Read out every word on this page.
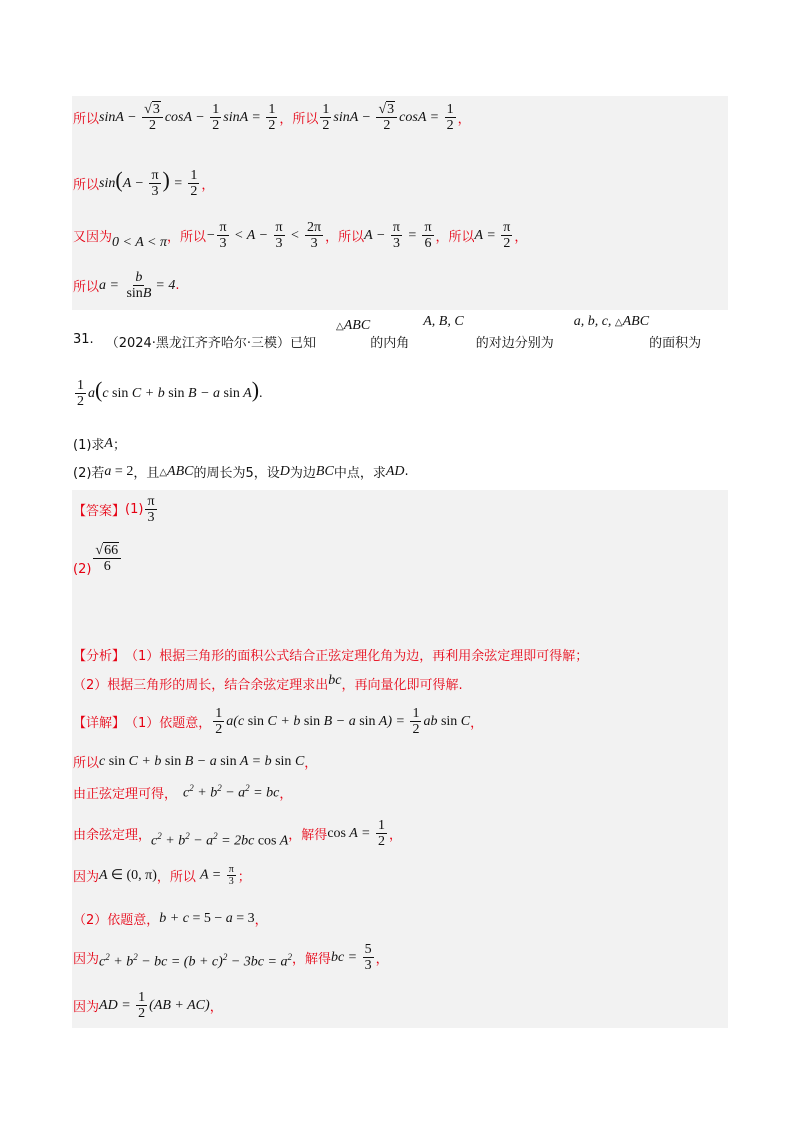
所以 $\sin A - \frac{√3}{2}$ $\cos A - \frac{1}{2}$ $\sin A = \frac{1}{2}$ ，所以 $\frac{1}{2}$ $\sin A - \frac{√3}{2}$ $\cos A = \frac{1}{2}$ ，
所以 $\sin(A - \frac{\pi}{3}$ ) = $\frac{1}{2}$ ，
又因为 0 < A < π ，所以 − $\frac{\pi}{3} < A - \frac{\pi}{3} < \frac{2\pi}{3}$ ，所以 $A - \frac{\pi}{3} = \frac{\pi}{6}$ ，所以 $A = \frac{\pi}{2}$ ，
所以 $a = \frac{b}{\sin B} = 4$ .
31. （2024·黑龙江齐齐哈尔·三模）已知
△ABC
的内角
A, B, C
的对边分别为
a, b, c, △ABC
的面积为
$\frac{1}{2} a(c$ sin C + b sin B − a sin A).
(1)求 A ；
(2)若 a = 2 ，且 △ABC 的周长为5，设 D 为边 BC 中点，求 AD .
【答案】 $(1) \frac{\pi}{3}$
$(2) \frac{√66}{6}$
【分析】 （1）根据三角形的面积公式结合正弦定理化角为边，再利用余弦定理即可得解；
（2）根据三角形的周长，结合余弦定理求出 bc ，再向量化即可得解.
【详解】 （1）依题意， $\frac{1}{2} a(c$ sin C + b sin B − a $\sin A) = \frac{1}{2}$ ab sin C ，
所以 c sin C + b sin B − a sin A = b sin C ，
由正弦定理可得， $c^2 + b^2 - a^2$ = bc ，
由余弦定理， $c^2 + b^2 - a^2 = 2bc$ cos A ，解得 $\cos A = \frac{1}{2}$ ，
因为 A ∈ (0, π) ，所以 $A = \frac{\pi}{3}$ ；
（2）依题意， b + c = 5 − a = 3 ，
因为 $c^2 + b^2$ − bc = $(b + c)^2 - 3bc = a^2$ ，解得 bc = $\frac{5}{3}$ ，
因为 AD = $\frac{1}{2} (AB + AC)$ ，
